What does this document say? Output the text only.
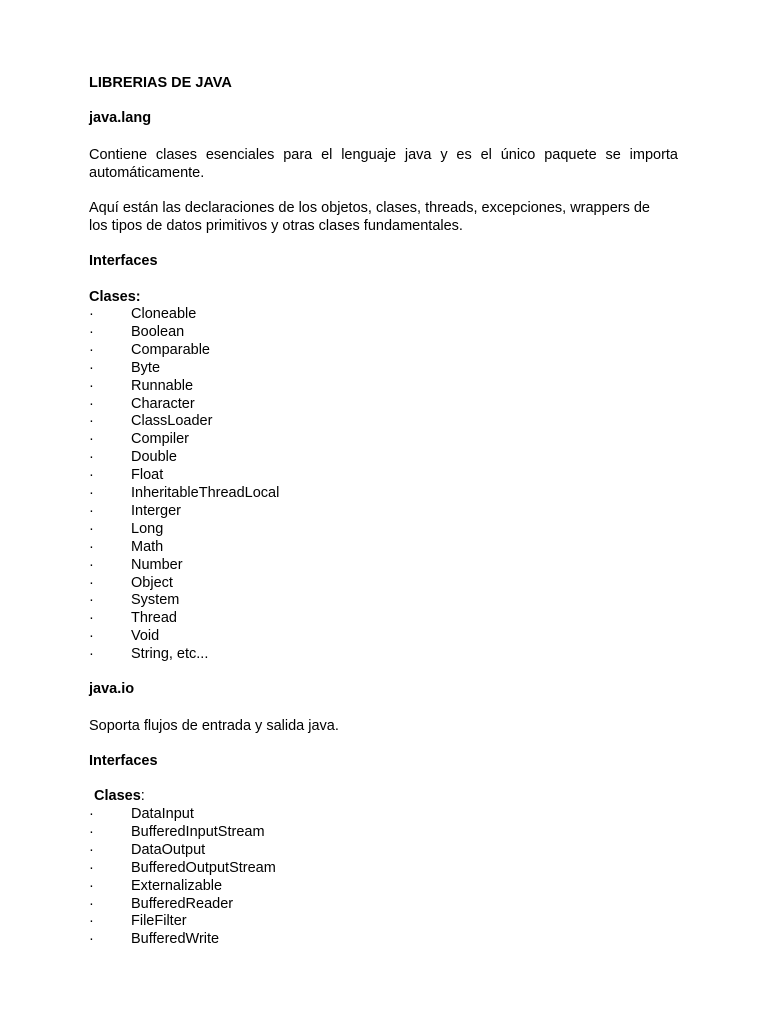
LIBRERIAS DE JAVA
java.lang
Contiene clases esenciales para el lenguaje java y es el único paquete se importa automáticamente.
Aquí están las declaraciones de los objetos, clases, threads, excepciones, wrappers de
los tipos de datos primitivos y otras clases fundamentales.
Interfaces
Clases:
·	Cloneable
·	Boolean
·	Comparable
·	Byte
·	Runnable
·	Character
·	ClassLoader
·	Compiler
·	Double
·	Float
·	InheritableThreadLocal
·	Interger
·	Long
·	Math
·	Number
·	Object
·	System
·	Thread
·	Void
·	String, etc...
java.io
Soporta flujos de entrada y salida java.
Interfaces
Clases:
·	DataInput
·	BufferedInputStream
·	DataOutput
·	BufferedOutputStream
·	Externalizable
·	BufferedReader
·	FileFilter
·	BufferedWrite
